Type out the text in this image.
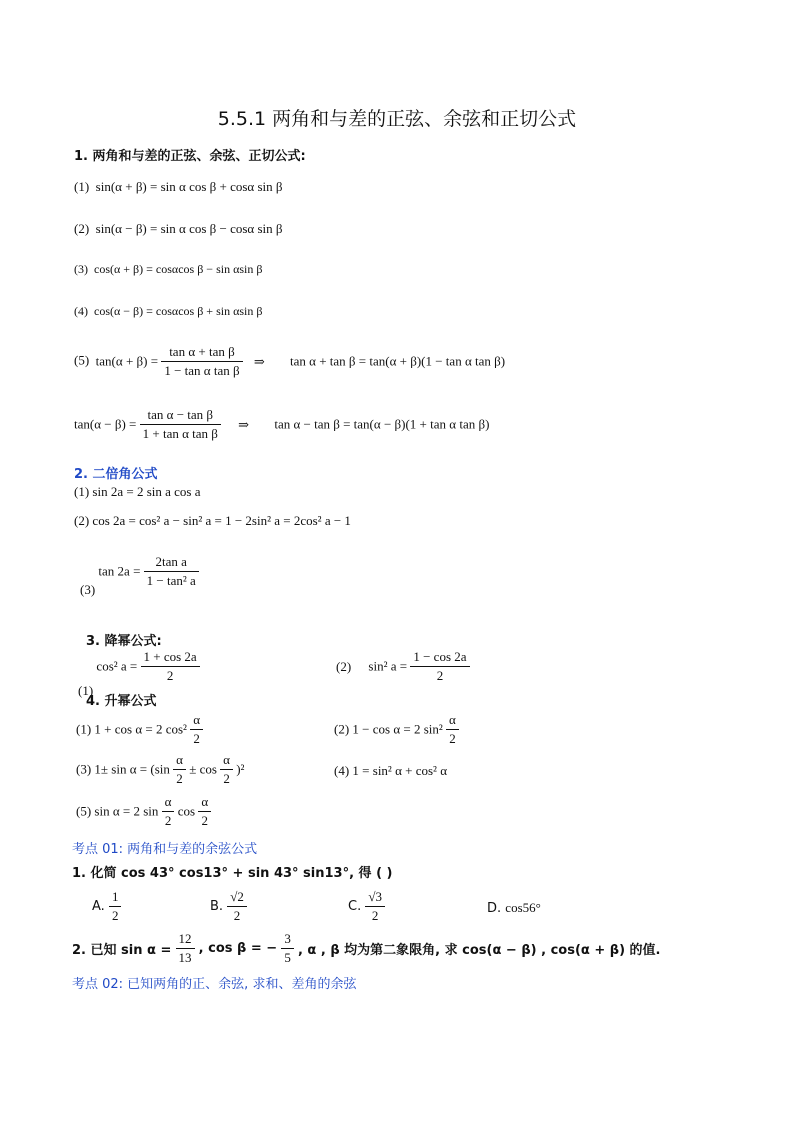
5.5.1 两角和与差的正弦、余弦和正切公式
1. 两角和与差的正弦、余弦、正切公式:
(1) sin(α + β) = sin α cos β + cosα sin β
(2) sin(α − β) = sin α cos β − cosα sin β
(3) cos(α + β) = cosαcos β − sin αsin β
(4) cos(α − β) = cosαcos β + sin αsin β
(5) $\tan(\alpha + \beta) = \frac{\text{tan α + tan β}}{\text{1 − tan α tan β}}$ ⇒ tan α + tan β = tan(α + β)(1 − tan α tan β)
$\tan(\alpha - \beta) = \frac{\text{tan α − tan β}}{\text{1 + tan α tan β}}$ ⇒ tan α − tan β = tan(α − β)(1 + tan α tan β)
2. 二倍角公式
(1) sin 2a = 2 sin a cos a
(2) cos 2a = cos² a − sin² a = 1 − 2sin² a = 2cos² a − 1
(3) $\tan 2a = \frac{\text{2tan a}}{\text{1 − tan² a}}$
3. 降幂公式:
(1) cos² $a = \frac{1 + \cos 2a}{2}$	(2) sin² $a = \frac{1 - \cos 2a}{2}$
4. 升幂公式
(1) 1 + cos α = 2 $\cos^2 \frac{\alpha}{2}$	(2) 1 − cos α = 2 $\sin^2 \frac{\alpha}{2}$
(3) $1\pm \sin \alpha = (\sin \frac{\alpha}{2} \pm \cos \frac{\alpha}{2} )^2$	(4) 1 = sin² α + cos² α
(5) sin α = 2 $\sin \frac{\alpha}{2}$ $\cos \frac{\alpha}{2}$
考点 01: 两角和与差的余弦公式
1. 化简 cos 43° cos13° + sin 43° sin13°, 得 ( )
A. $\frac{1}{2}$	B. $\frac{√2}{2}$	C. $\frac{√3}{2}$	D. cos56°
2. 已知 $\sin \alpha = \frac{12}{13}$ , cos β = − $\frac{3}{5}$ , α , β 均为第二象限角, 求 cos(α − β) , cos(α + β) 的值.
考点 02: 已知两角的正、余弦, 求和、差角的余弦
